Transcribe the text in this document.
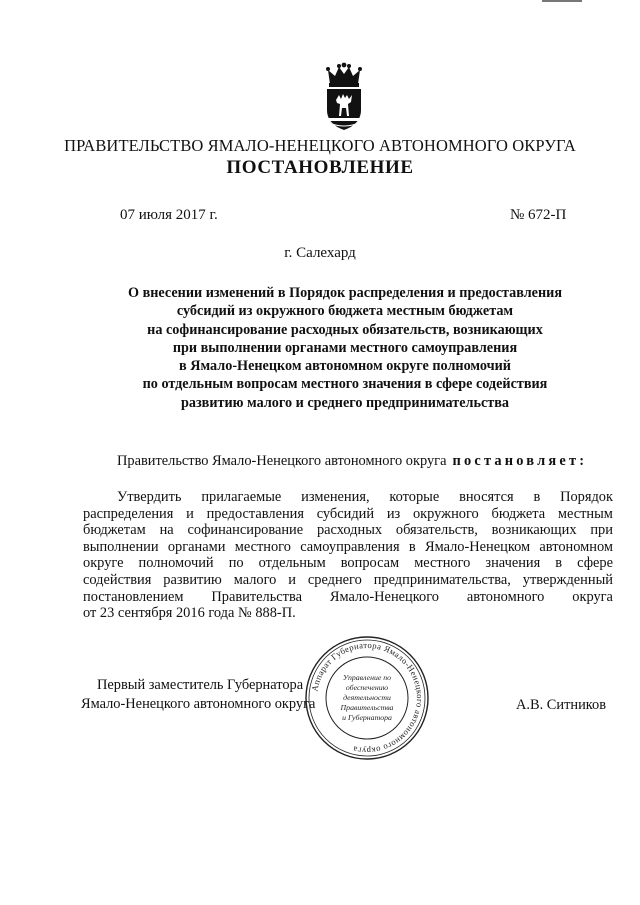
ПРАВИТЕЛЬСТВО ЯМАЛО-НЕНЕЦКОГО АВТОНОМНОГО ОКРУГА
ПОСТАНОВЛЕНИЕ
07 июля 2017 г.	№ 672-П
г. Салехард
О внесении изменений в Порядок распределения и предоставления
субсидий из окружного бюджета местным бюджетам
на софинансирование расходных обязательств, возникающих
при выполнении органами местного самоуправления
в Ямало-Ненецком автономном округе полномочий
по отдельным вопросам местного значения в сфере содействия
развитию малого и среднего предпринимательства
Правительство Ямало-Ненецкого автономного округа постановляет:
Утвердить прилагаемые изменения, которые вносятся в Порядок
распределения и предоставления субсидий из окружного бюджета местным
бюджетам на софинансирование расходных обязательств, возникающих при
выполнении органами местного самоуправления в Ямало-Ненецком автономном
округе полномочий по отдельным вопросам местного значения в сфере
содействия развитию малого и среднего предпринимательства, утвержденный
постановлением Правительства Ямало-Ненецкого автономного округа
от 23 сентября 2016 года № 888-П.
Первый заместитель Губернатора
Ямало-Ненецкого автономного округа	А.В. Ситников
Аппарат Губернатора Ямало-Ненецкого автономного округа
Управление по
обеспечению
деятельности
Правительства
и Губернатора
